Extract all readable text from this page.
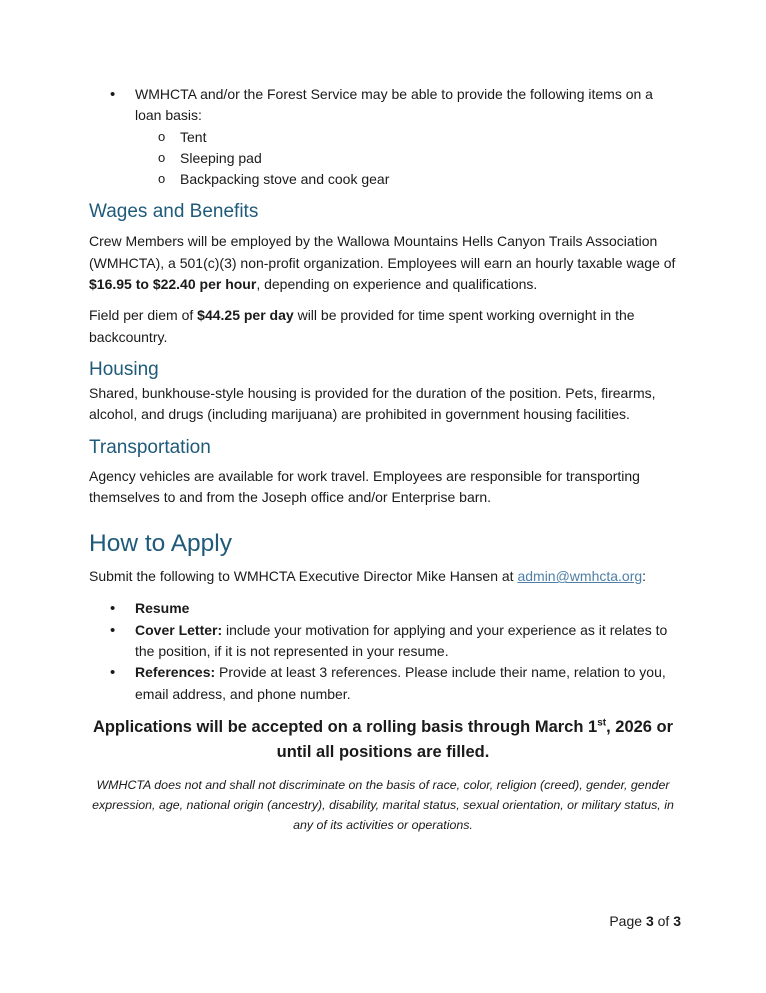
• WMHCTA and/or the Forest Service may be able to provide the following items on a loan basis:
o Tent
o Sleeping pad
o Backpacking stove and cook gear
Wages and Benefits

Crew Members will be employed by the Wallowa Mountains Hells Canyon Trails Association (WMHCTA), a 501(c)(3) non-profit organization. Employees will earn an hourly taxable wage of $16.95 to $22.40 per hour, depending on experience and qualifications.

Field per diem of $44.25 per day will be provided for time spent working overnight in the backcountry.

Housing

Shared, bunkhouse-style housing is provided for the duration of the position. Pets, firearms, alcohol, and drugs (including marijuana) are prohibited in government housing facilities.

Transportation

Agency vehicles are available for work travel. Employees are responsible for transporting themselves to and from the Joseph office and/or Enterprise barn.

How to Apply

Submit the following to WMHCTA Executive Director Mike Hansen at admin@wmhcta.org:

• Resume
• Cover Letter: include your motivation for applying and your experience as it relates to the position, if it is not represented in your resume.
• References: Provide at least 3 references. Please include their name, relation to you, email address, and phone number.

Applications will be accepted on a rolling basis through March 1st, 2026 or until all positions are filled.

WMHCTA does not and shall not discriminate on the basis of race, color, religion (creed), gender, gender expression, age, national origin (ancestry), disability, marital status, sexual orientation, or military status, in any of its activities or operations.

Page 3 of 3
